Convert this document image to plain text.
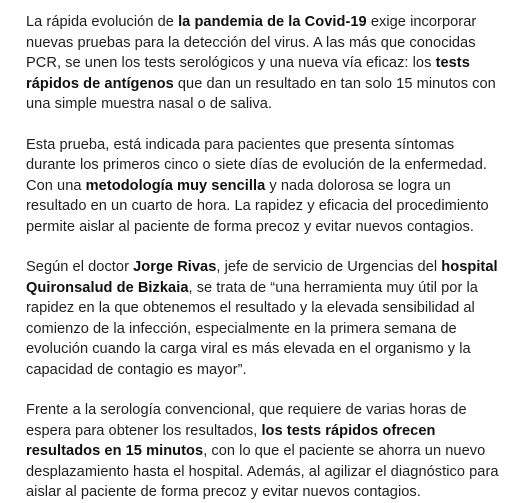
La rápida evolución de la pandemia de la Covid-19 exige incorporar nuevas pruebas para la detección del virus. A las más que conocidas PCR, se unen los tests serológicos y una nueva vía eficaz: los tests rápidos de antígenos que dan un resultado en tan solo 15 minutos con una simple muestra nasal o de saliva.

Esta prueba, está indicada para pacientes que presenta síntomas durante los primeros cinco o siete días de evolución de la enfermedad. Con una metodología muy sencilla y nada dolorosa se logra un resultado en un cuarto de hora. La rapidez y eficacia del procedimiento permite aislar al paciente de forma precoz y evitar nuevos contagios.

Según el doctor Jorge Rivas, jefe de servicio de Urgencias del hospital Quironsalud de Bizkaia, se trata de “una herramienta muy útil por la rapidez en la que obtenemos el resultado y la elevada sensibilidad al comienzo de la infección, especialmente en la primera semana de evolución cuando la carga viral es más elevada en el organismo y la capacidad de contagio es mayor”.

Frente a la serología convencional, que requiere de varias horas de espera para obtener los resultados, los tests rápidos ofrecen resultados en 15 minutos, con lo que el paciente se ahorra un nuevo desplazamiento hasta el hospital. Además, al agilizar el diagnóstico para aislar al paciente de forma precoz y evitar nuevos contagios.
